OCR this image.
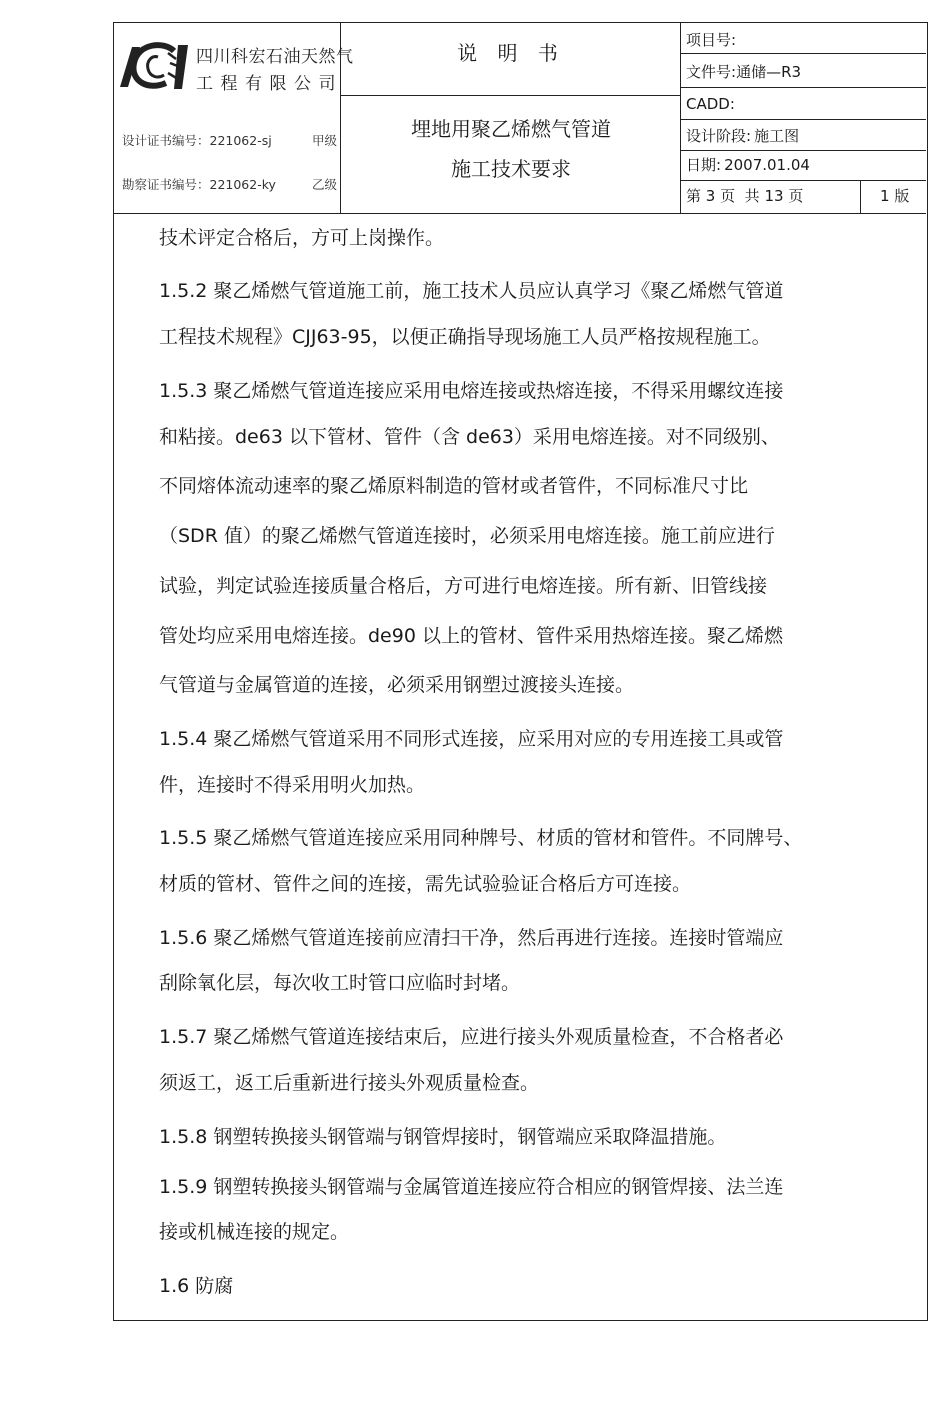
四川科宏石油天然气
工程有限公司
设计证书编号：221062-sj	甲级
勘察证书编号：221062-ky	乙级
说 明 书
埋地用聚乙烯燃气管道
施工技术要求
项目号:
文件号:通储—R3
CADD:
设计阶段: 施工图
日期: 2007.01.04
第 3 页  共 13 页	1 版
技术评定合格后，方可上岗操作。
1.5.2 聚乙烯燃气管道施工前，施工技术人员应认真学习《聚乙烯燃气管道
工程技术规程》CJJ63-95，以便正确指导现场施工人员严格按规程施工。
1.5.3 聚乙烯燃气管道连接应采用电熔连接或热熔连接，不得采用螺纹连接
和粘接。de63 以下管材、管件（含 de63）采用电熔连接。对不同级别、
不同熔体流动速率的聚乙烯原料制造的管材或者管件，不同标准尺寸比
（SDR 值）的聚乙烯燃气管道连接时，必须采用电熔连接。施工前应进行
试验，判定试验连接质量合格后，方可进行电熔连接。所有新、旧管线接
管处均应采用电熔连接。de90 以上的管材、管件采用热熔连接。聚乙烯燃
气管道与金属管道的连接，必须采用钢塑过渡接头连接。
1.5.4 聚乙烯燃气管道采用不同形式连接，应采用对应的专用连接工具或管
件，连接时不得采用明火加热。
1.5.5 聚乙烯燃气管道连接应采用同种牌号、材质的管材和管件。不同牌号、
材质的管材、管件之间的连接，需先试验验证合格后方可连接。
1.5.6 聚乙烯燃气管道连接前应清扫干净，然后再进行连接。连接时管端应
刮除氧化层，每次收工时管口应临时封堵。
1.5.7 聚乙烯燃气管道连接结束后，应进行接头外观质量检查，不合格者必
须返工，返工后重新进行接头外观质量检查。
1.5.8 钢塑转换接头钢管端与钢管焊接时，钢管端应采取降温措施。
1.5.9 钢塑转换接头钢管端与金属管道连接应符合相应的钢管焊接、法兰连
接或机械连接的规定。
1.6 防腐
